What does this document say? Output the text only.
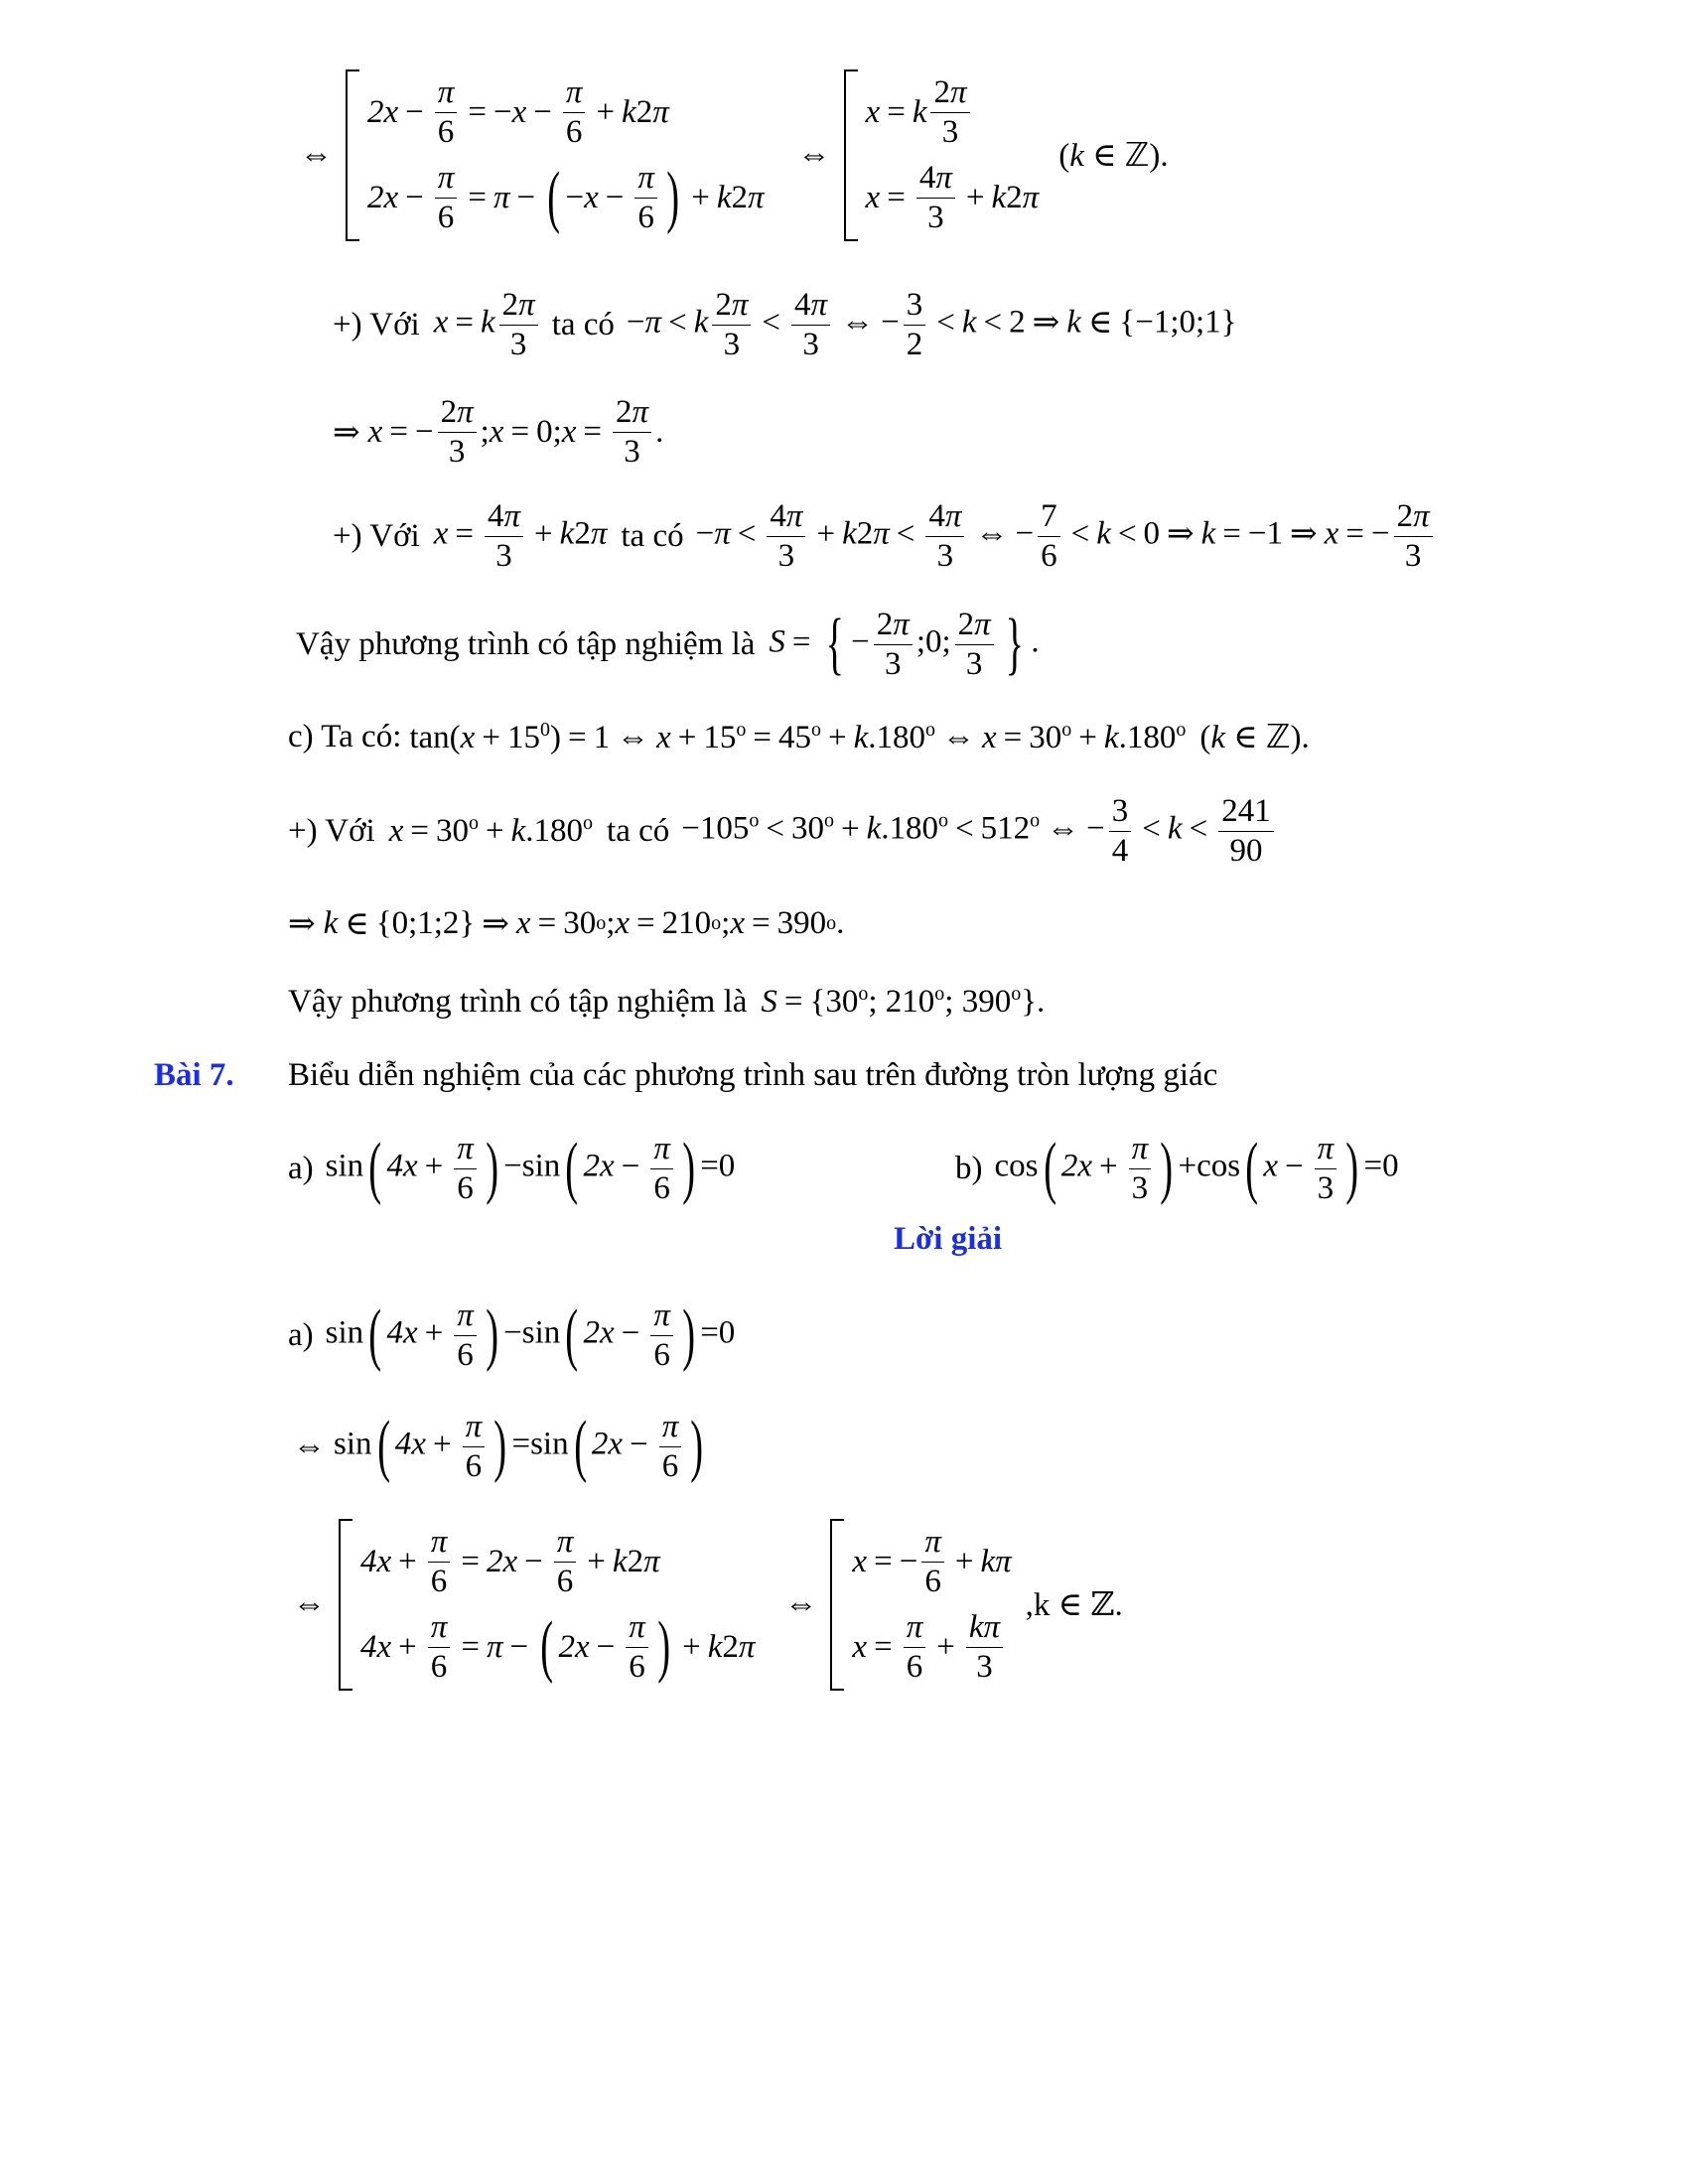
⇔
$2x - \frac{\pi}{6}$ = − $x - \frac{\pi}{6} + k$ 2 π
$2x - \frac{\pi}{6} = \pi$ − ( − $x - \frac{\pi}{6}$ ) + k 2 π
⇔
x = k $\frac{2\pi}{3}$
$x = \frac{4\pi}{3} + k$ 2 π
(k ∈ ℤ).
+) Với x = k $\frac{2\pi}{3}$ ta có −π < k $\frac{2\pi}{3} < \frac{4\pi}{3}$ ⇔ − $\frac{3}{2} < k < 2$ ⇒ k ∈ {−1;0;1}
⇒ x = − $\frac{2\pi}{3}$ ; x = 0; $x = \frac{2\pi}{3}$ .
+) Với $x = \frac{4\pi}{3} + k2\pi$ ta có $-\pi < \frac{4\pi}{3} + k2\pi < \frac{4\pi}{3}$ ⇔ − $\frac{7}{6} < k < 0$ ⇒ k = −1 ⇒ x = − $\frac{2\pi}{3}$
Vậy phương trình có tập nghiệm là S = { − $\frac{2\pi}{3}$ ;0; $\frac{2\pi}{3}$ } .
c) Ta có: $\tan(x + 15^0) = 1$ ⇔ $x + 15^o = 45^o + k.180^o$ ⇔ $x = 30^o + k.180^o$ (k ∈ ℤ).
+) Với $x = 30^o + k.180^o$ ta có $-105^o < 30^o + k.180^o < 512^o$ ⇔ − $\frac{3}{4} < k < \frac{241}{90}$
⇒ k ∈ {0;1;2} ⇒ x = 30 o ; x = 210 o ; x = 390 o .
Vậy phương trình có tập nghiệm là $S = \{30^o$; 210$^o$; 390$^o$}.
Bài 7. Biểu diễn nghiệm của các phương trình sau trên đường tròn lượng giác
a) sin( $4x + \frac{\pi}{6}$ ) −sin( $2x - \frac{\pi}{6}$ ) =0	b) cos( $2x + \frac{\pi}{3}$ ) +cos( $x - \frac{\pi}{3}$ ) =0
Lời giải
a) sin( $4x + \frac{\pi}{6}$ ) −sin( $2x - \frac{\pi}{6}$ ) =0
⇔ sin( $4x + \frac{\pi}{6}$ ) =sin( $2x - \frac{\pi}{6}$ )
⇔
$4x + \frac{\pi}{6} = 2x - \frac{\pi}{6} + k$ 2 π
$4x + \frac{\pi}{6} = \pi$ − ( $2x - \frac{\pi}{6}$ ) + k 2 π
⇔
x = − $\frac{\pi}{6} + k\pi$
$x = \frac{\pi}{6} + \frac{k\pi}{3}$
,k ∈ ℤ.
